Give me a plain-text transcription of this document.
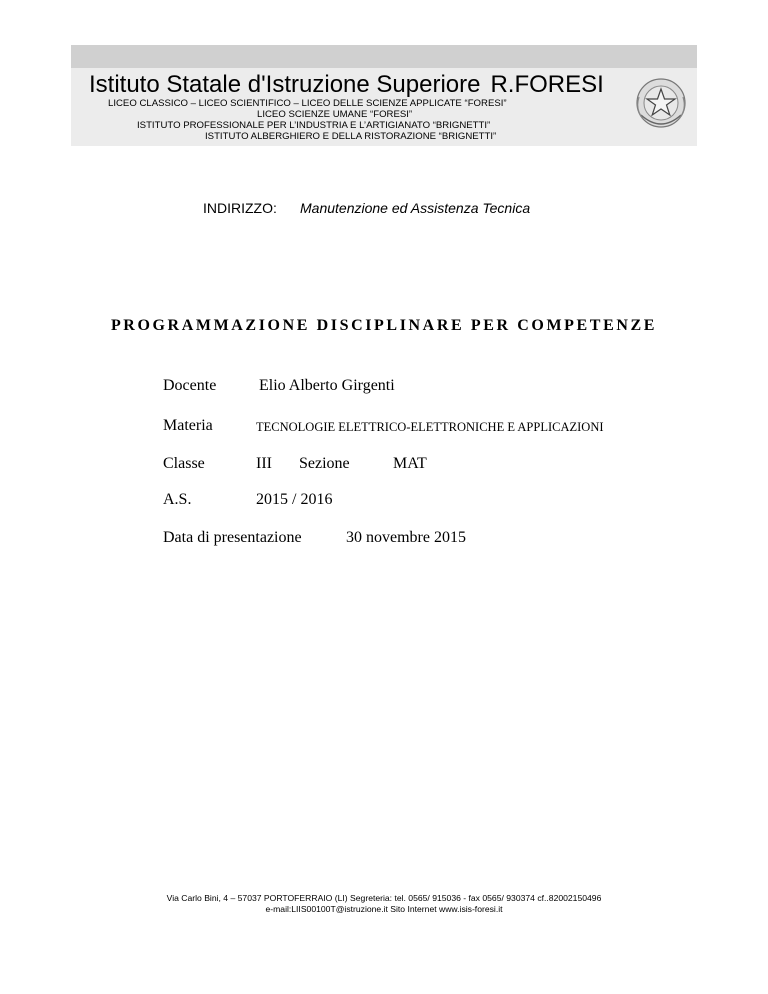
Istituto Statale d'Istruzione Superiore R.FORESI
LICEO CLASSICO – LICEO SCIENTIFICO – LICEO DELLE SCIENZE APPLICATE “FORESI”
LICEO SCIENZE UMANE “FORESI”
ISTITUTO PROFESSIONALE PER L’INDUSTRIA E L’ARTIGIANATO “BRIGNETTI”
ISTITUTO ALBERGHIERO E DELLA RISTORAZIONE “BRIGNETTI”
INDIRIZZO: Manutenzione ed Assistenza Tecnica
PROGRAMMAZIONE DISCIPLINARE PER COMPETENZE
Docente	Elio Alberto Girgenti
Materia	TECNOLOGIE ELETTRICO-ELETTRONICHE E APPLICAZIONI
Classe	III Sezione	MAT
A.S.	2015 / 2016
Data di presentazione	30 novembre 2015
Via Carlo Bini, 4 – 57037 PORTOFERRAIO (LI) Segreteria: tel. 0565/ 915036 - fax 0565/ 930374 cf..82002150496
e-mail:LIIS00100T@istruzione.it Sito Internet www.isis-foresi.it
